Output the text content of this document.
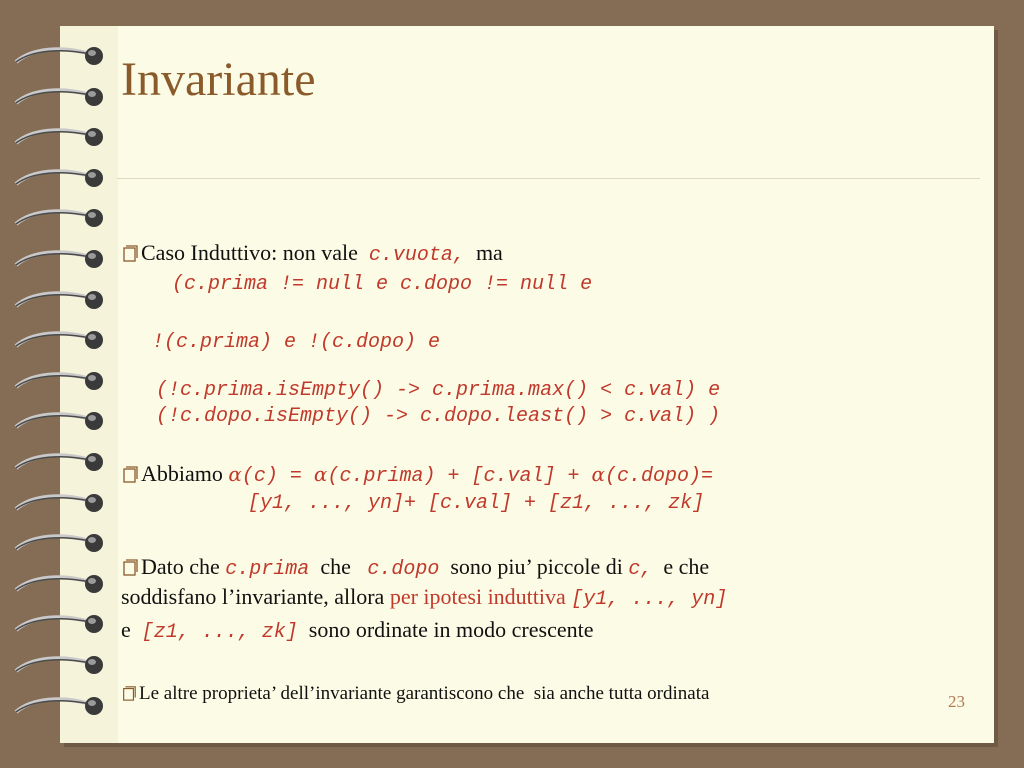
Invariante
Caso Induttivo: non vale c.vuota, ma
(c.prima != null e c.dopo != null e
!(c.prima) e !(c.dopo) e
(!c.prima.isEmpty() -> c.prima.max() < c.val) e
(!c.dopo.isEmpty() -> c.dopo.least() > c.val) )
Abbiamo α(c) = α(c.prima) + [c.val] + α(c.dopo)=
[y1, ..., yn]+ [c.val] + [z1, ..., zk]
Dato che c.prima che c.dopo sono piu’ piccole di c, e che
soddisfano l’invariante, allora per ipotesi induttiva [y1, ..., yn]
e [z1, ..., zk] sono ordinate in modo crescente
Le altre proprieta’ dell’invariante garantiscono che  sia anche tutta ordinata	23
